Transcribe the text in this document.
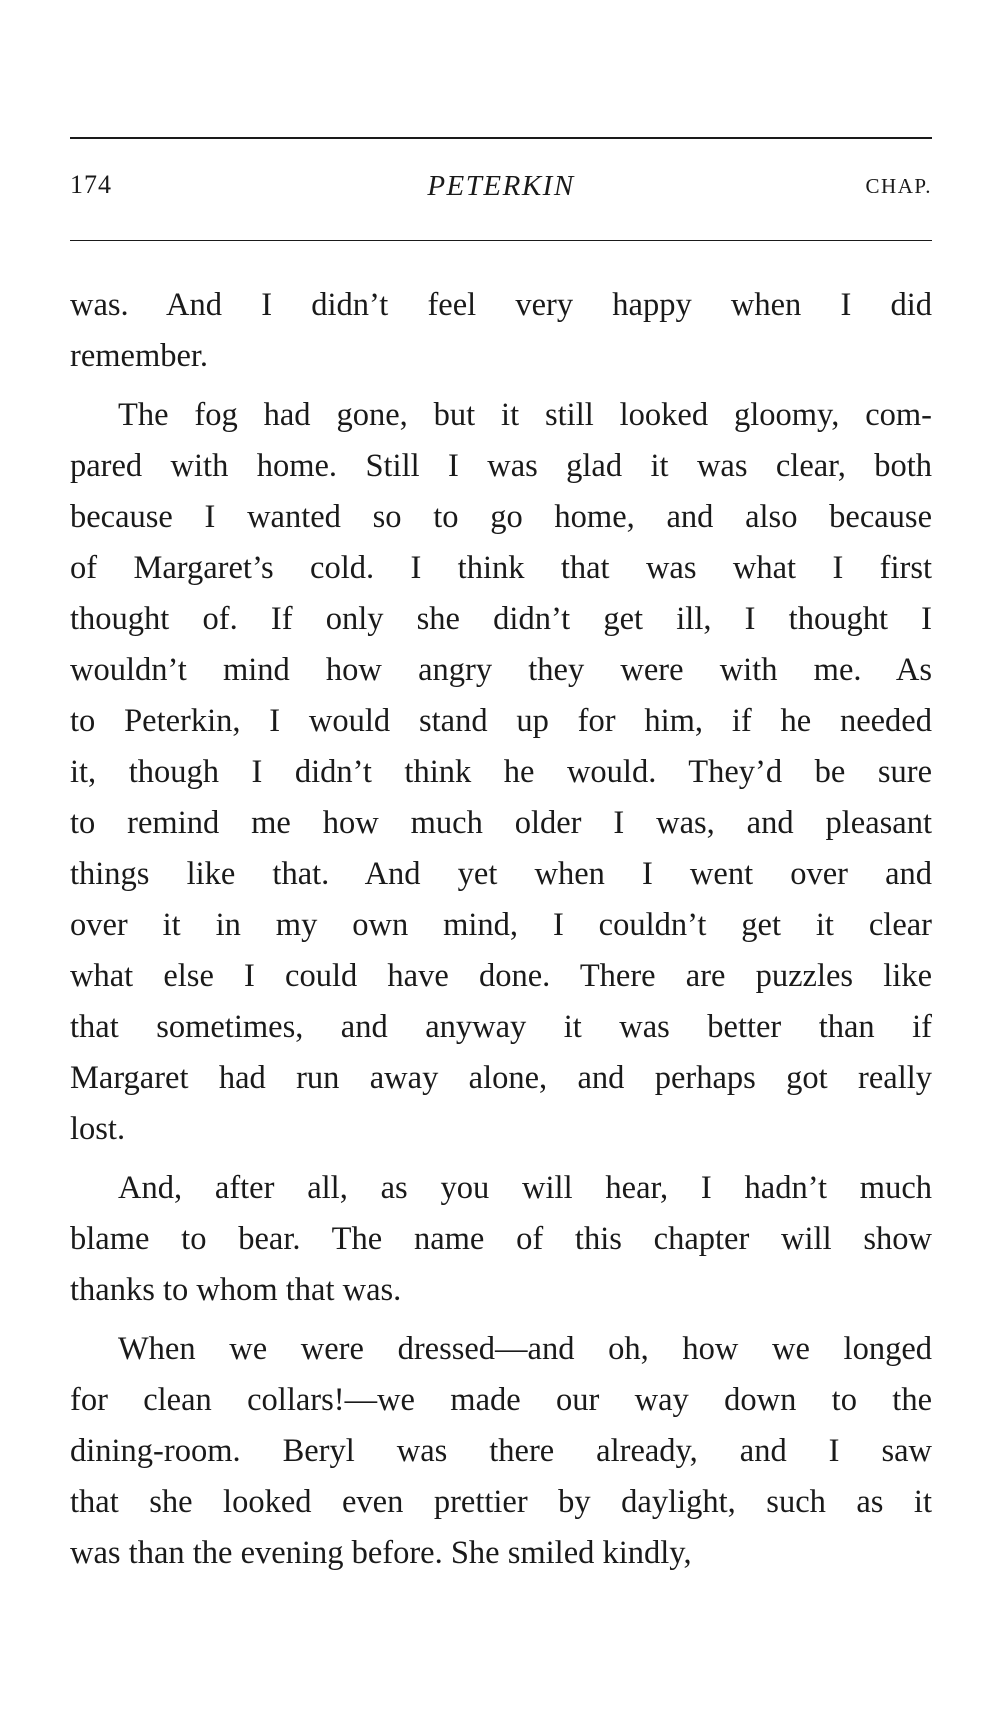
174	PETERKIN	CHAP.
was. And I didn’t feel very happy when I did
remember.
The fog had gone, but it still looked gloomy, com-
pared with home. Still I was glad it was clear, both
because I wanted so to go home, and also because
of Margaret’s cold. I think that was what I first
thought of. If only she didn’t get ill, I thought I
wouldn’t mind how angry they were with me. As
to Peterkin, I would stand up for him, if he needed
it, though I didn’t think he would. They’d be sure
to remind me how much older I was, and pleasant
things like that. And yet when I went over and
over it in my own mind, I couldn’t get it clear
what else I could have done. There are puzzles like
that sometimes, and anyway it was better than if
Margaret had run away alone, and perhaps got really
lost.
And, after all, as you will hear, I hadn’t much
blame to bear. The name of this chapter will show
thanks to whom that was.
When we were dressed—and oh, how we longed
for clean collars!—we made our way down to the
dining-room. Beryl was there already, and I saw
that she looked even prettier by daylight, such as it
was than the evening before. She smiled kindly,
